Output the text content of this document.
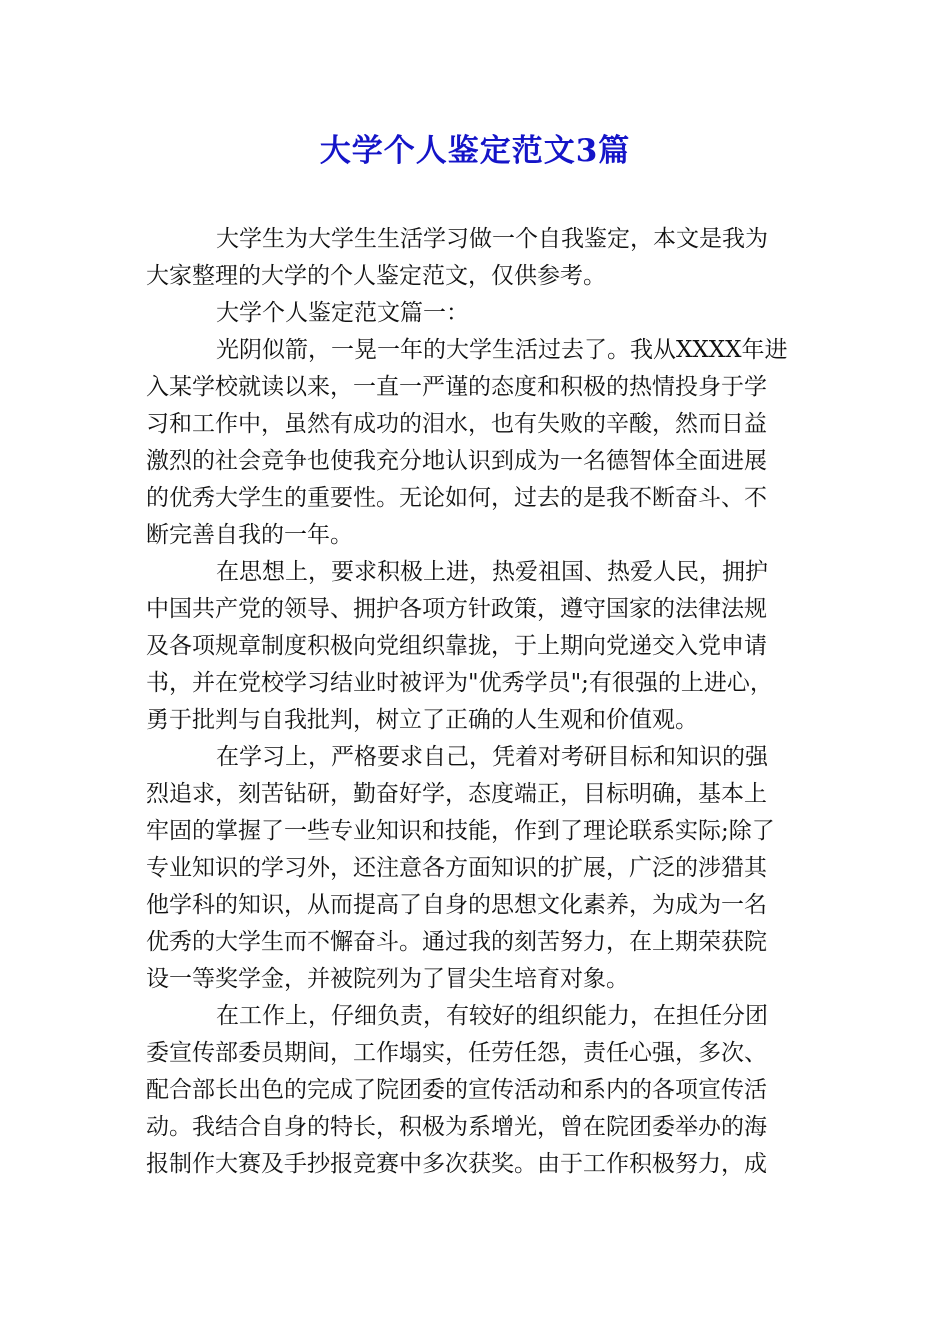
大学个人鉴定范文3篇
大学生为大学生生活学习做一个自我鉴定，本文是我为
大家整理的大学的个人鉴定范文，仅供参考。
大学个人鉴定范文篇一：
光阴似箭，一晃一年的大学生活过去了。我从XXXX年进
入某学校就读以来，一直一严谨的态度和积极的热情投身于学
习和工作中，虽然有成功的泪水，也有失败的辛酸，然而日益
激烈的社会竞争也使我充分地认识到成为一名德智体全面进展
的优秀大学生的重要性。无论如何，过去的是我不断奋斗、不
断完善自我的一年。
在思想上，要求积极上进，热爱祖国、热爱人民，拥护
中国共产党的领导、拥护各项方针政策，遵守国家的法律法规
及各项规章制度积极向党组织靠拢，于上期向党递交入党申请
书，并在党校学习结业时被评为"优秀学员";有很强的上进心，
勇于批判与自我批判，树立了正确的人生观和价值观。
在学习上，严格要求自己，凭着对考研目标和知识的强
烈追求，刻苦钻研，勤奋好学，态度端正，目标明确，基本上
牢固的掌握了一些专业知识和技能，作到了理论联系实际;除了
专业知识的学习外，还注意各方面知识的扩展，广泛的涉猎其
他学科的知识，从而提高了自身的思想文化素养，为成为一名
优秀的大学生而不懈奋斗。通过我的刻苦努力，在上期荣获院
设一等奖学金，并被院列为了冒尖生培育对象。
在工作上，仔细负责，有较好的组织能力，在担任分团
委宣传部委员期间，工作塌实，任劳任怨，责任心强，多次、
配合部长出色的完成了院团委的宣传活动和系内的各项宣传活
动。我结合自身的特长，积极为系增光，曾在院团委举办的海
报制作大赛及手抄报竞赛中多次获奖。由于工作积极努力，成
